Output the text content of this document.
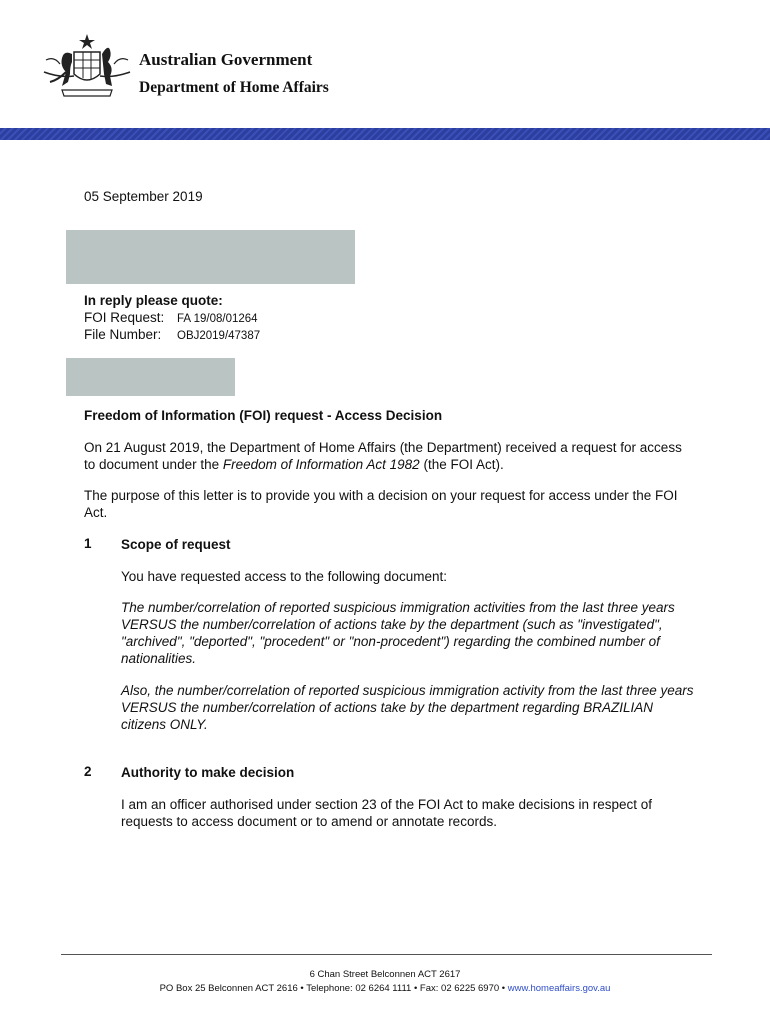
Australian Government
Department of Home Affairs
05 September 2019
In reply please quote:
FOI Request: FA 19/08/01264
File Number: OBJ2019/47387
Freedom of Information (FOI) request - Access Decision
On 21 August 2019, the Department of Home Affairs (the Department) received a request for access to document under the Freedom of Information Act 1982 (the FOI Act).
The purpose of this letter is to provide you with a decision on your request for access under the FOI Act.
1 Scope of request
You have requested access to the following document:
The number/correlation of reported suspicious immigration activities from the last three years VERSUS the number/correlation of actions take by the department (such as "investigated", "archived", "deported", "procedent" or "non-procedent") regarding the combined number of nationalities.
Also, the number/correlation of reported suspicious immigration activity from the last three years VERSUS the number/correlation of actions take by the department regarding BRAZILIAN citizens ONLY.
2 Authority to make decision
I am an officer authorised under section 23 of the FOI Act to make decisions in respect of requests to access document or to amend or annotate records.
6 Chan Street Belconnen ACT 2617
PO Box 25 Belconnen ACT 2616 • Telephone: 02 6264 1111 • Fax: 02 6225 6970 • www.homeaffairs.gov.au
